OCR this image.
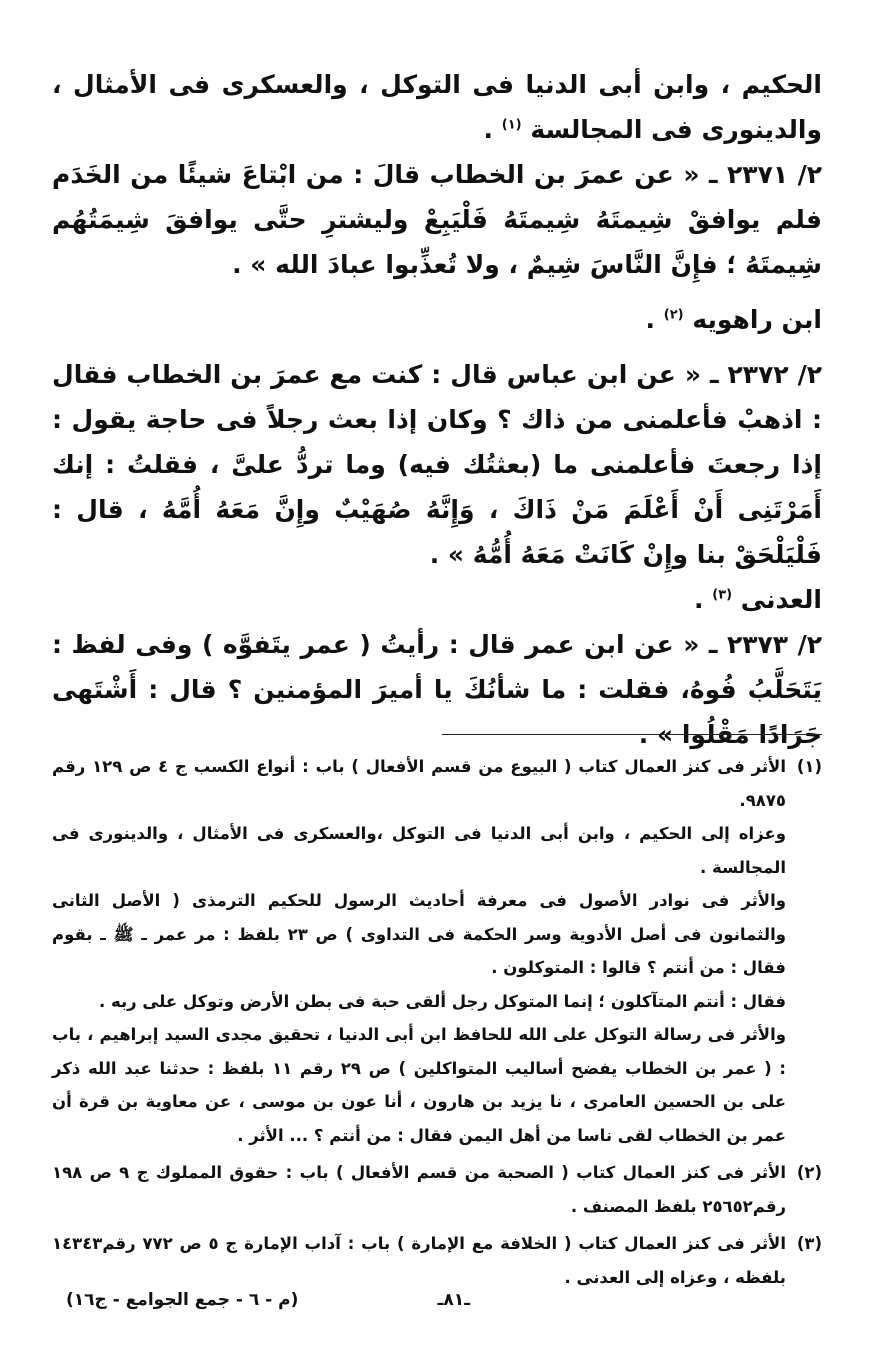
الحكيم ، وابن أبى الدنيا فى التوكل ، والعسكرى فى الأمثال ، والدينورى فى المجالسة $^{(١)}$ .

٢/ ٢٣٧١ ـ « عن عمرَ بن الخطاب قالَ : من ابْتاعَ شيئًا من الخَدَم فلم يوافقْ شِيمتَهُ شِيمتَهُ فَلْيَبِعْ وليشترِ حتَّى يوافقَ شِيمَتُهُم شِيمتَهُ ؛ فإِنَّ النَّاسَ شِيمٌ ، ولا تُعذِّبوا عبادَ الله » .

ابن راهويه $^{(٢)}$ .

٢/ ٢٣٧٢ ـ « عن ابن عباس قال : كنت مع عمرَ بن الخطاب فقال : اذهبْ فأعلمنى من ذاك ؟ وكان إذا بعث رجلاً فى حاجة يقول : إذا رجعتَ فأعلمنى ما (بعثتُك فيه) وما تردُّ علىَّ ، فقلتُ : إنك أَمَرْتَنِى أَنْ أَعْلَمَ مَنْ ذَاكَ ، وَإِنَّهُ صُهَيْبٌ وإِنَّ مَعَهُ أُمَّهُ ، قال : فَلْيَلْحَقْ بنا وإِنْ كَانَتْ مَعَهُ أُمُّهُ » .

العدنى $^{(٣)}$ .

٢/ ٢٣٧٣ ـ « عن ابن عمر قال : رأيتُ ( عمر يتَفوَّه ) وفى لفظ : يَتَحَلَّبُ فُوهُ، فقلت : ما شأنُكَ يا أميرَ المؤمنين ؟ قال : أَشْتَهى جَرَادًا مَقْلُوا » .

(١)

الأثر فى كنز العمال كتاب ( البيوع من قسم الأفعال ) باب : أنواع الكسب ج ٤ ص ١٢٩ رقم ٩٨٧٥.

وعزاه إلى الحكيم ، وابن أبى الدنيا فى التوكل ،والعسكرى فى الأمثال ، والدينورى فى المجالسة .

والأثر فى نوادر الأصول فى معرفة أحاديث الرسول للحكيم الترمذى ( الأصل الثانى والثمانون فى أصل الأدوية وسر الحكمة فى التداوى ) ص ٢٣ بلفظ : مر عمر ـ ﷺ ـ بقوم فقال : من أنتم ؟ قالوا : المتوكلون .

فقال : أنتم المتآكلون ؛ إنما المتوكل رجل ألقى حبة فى بطن الأرض وتوكل على ربه .

والأثر فى رسالة التوكل على الله للحافظ ابن أبى الدنيا ، تحقيق مجدى السيد إبراهيم ، باب : ( عمر بن الخطاب يفضح أساليب المتواكلين ) ص ٢٩ رقم ١١ بلفظ : حدثنا عبد الله ذكر على بن الحسين العامرى ، نا يزيد بن هارون ، أنا عون بن موسى ، عن معاوية بن قرة أن عمر بن الخطاب لقى ناسا من أهل اليمن فقال : من أنتم ؟ ... الأثر .

(٢)

الأثر فى كنز العمال كتاب ( الصحبة من قسم الأفعال ) باب : حقوق المملوك ج ٩ ص ١٩٨ رقم٢٥٦٥٢ بلفظ المصنف .

(٣)

الأثر فى كنز العمال كتاب ( الخلافة مع الإمارة ) باب : آداب الإمارة ج ٥ ص ٧٧٢ رقم١٤٣٤٣ بلفظه ، وعزاه إلى العدنى .

ـ٨١ـ
(م - ٦ - جمع الجوامع - ج١٦)
